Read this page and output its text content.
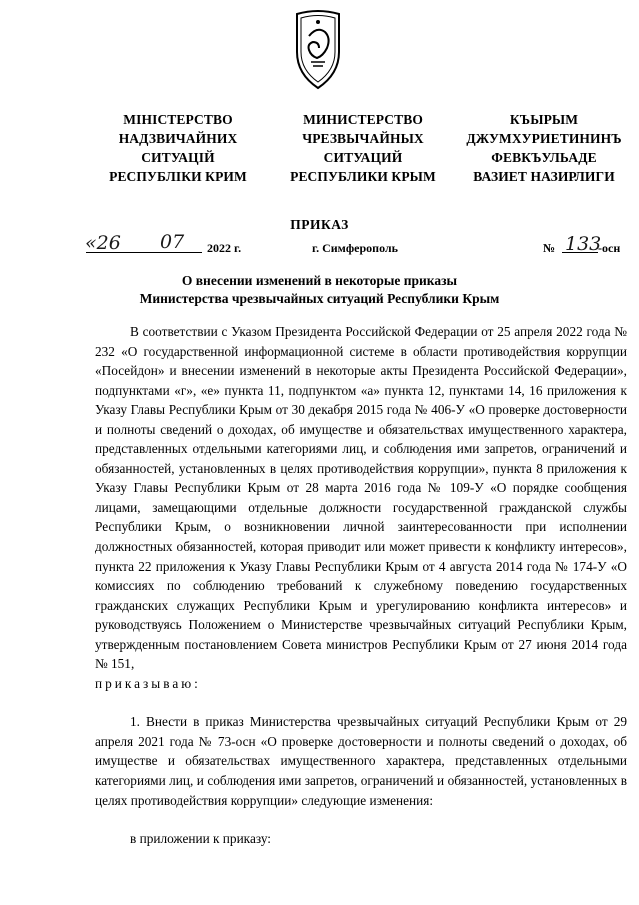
МІНІСТЕРСТВО
НАДЗВИЧАЙНИХ
СИТУАЦІЙ
РЕСПУБЛІКИ КРИМ
МИНИСТЕРСТВО
ЧРЕЗВЫЧАЙНЫХ
СИТУАЦИЙ
РЕСПУБЛИКИ КРЫМ
КЪЫРЫМ
ДЖУМХУРИЕТИНИНЪ
ФЕВКЪУЛЬАДЕ
ВАЗИЕТ НАЗИРЛИГИ
ПРИКАЗ
«26 07 2022 г.	г. Симферополь	№ 133
-осн
О внесении изменений в некоторые приказы
Министерства чрезвычайных ситуаций Республики Крым

В соответствии с Указом Президента Российской Федерации от 25 апреля 2022 года № 232 «О государственной информационной системе в области противодействия коррупции «Посейдон» и внесении изменений в некоторые акты Президента Российской Федерации», подпунктами «г», «е» пункта 11, подпунктом «а» пункта 12, пунктами 14, 16 приложения к Указу Главы Республики Крым от 30 декабря 2015 года № 406-У «О проверке достоверности и полноты сведений о доходах, об имуществе и обязательствах имущественного характера, представленных отдельными категориями лиц, и соблюдения ими запретов, ограничений и обязанностей, установленных в целях противодействия коррупции», пункта 8 приложения к Указу Главы Республики Крым от 28 марта 2016 года № 109-У «О порядке сообщения лицами, замещающими отдельные должности государственной гражданской службы Республики Крым, о возникновении личной заинтересованности при исполнении должностных обязанностей, которая приводит или может привести к конфликту интересов», пункта 22 приложения к Указу Главы Республики Крым от 4 августа 2014 года № 174-У «О комиссиях по соблюдению требований к служебному поведению государственных гражданских служащих Республики Крым и урегулированию конфликта интересов» и руководствуясь Положением о Министерстве чрезвычайных ситуаций Республики Крым, утвержденным постановлением Совета министров Республики Крым от 27 июня 2014 года № 151,
приказываю:

1. Внести в приказ Министерства чрезвычайных ситуаций Республики Крым от 29 апреля 2021 года № 73-осн «О проверке достоверности и полноты сведений о доходах, об имуществе и обязательствах имущественного характера, представленных отдельными категориями лиц, и соблюдения ими запретов, ограничений и обязанностей, установленных в целях противодействия коррупции» следующие изменения:

в приложении к приказу:
